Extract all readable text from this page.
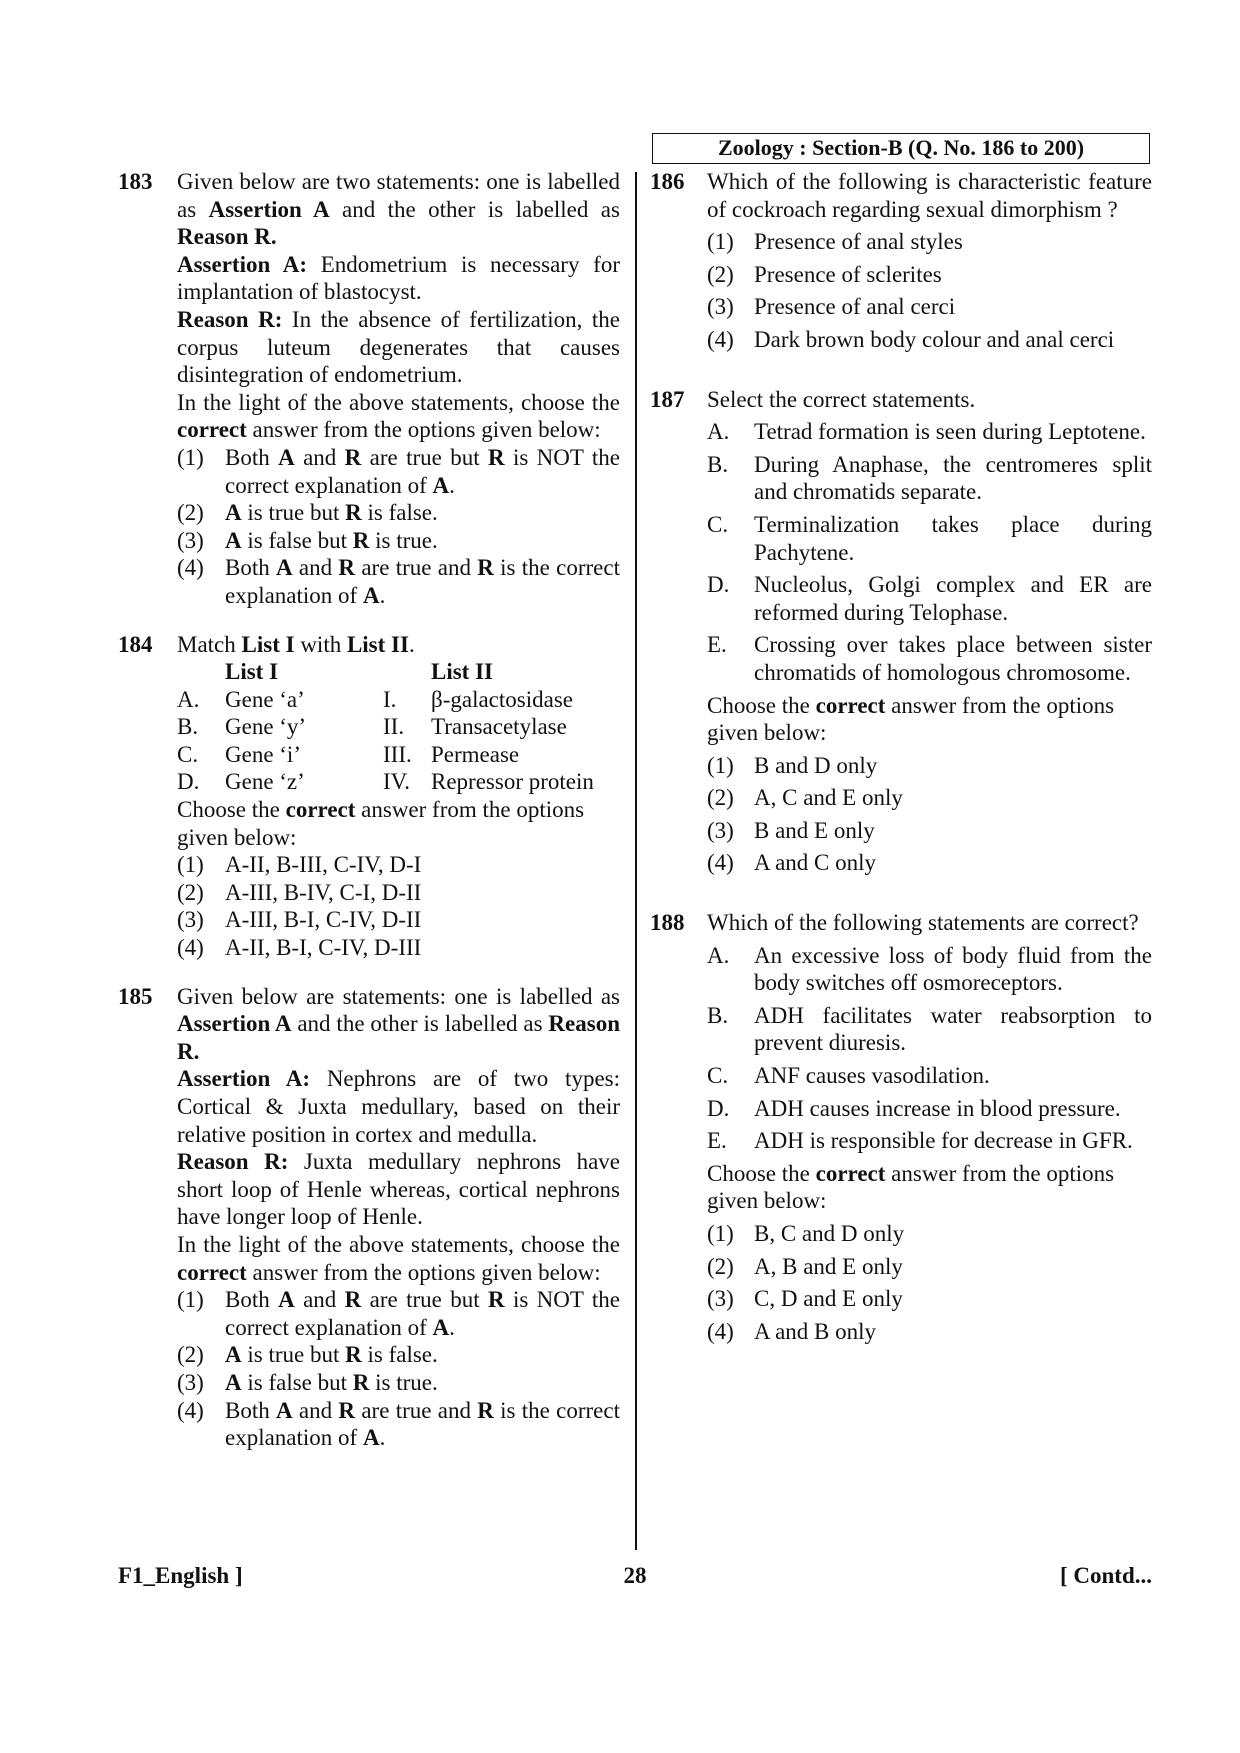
Zoology : Section-B (Q. No. 186 to 200)
183 Given below are two statements: one is labelled as Assertion A and the other is labelled as Reason R.
Assertion A: Endometrium is necessary for implantation of blastocyst.
Reason R: In the absence of fertilization, the corpus luteum degenerates that causes disintegration of endometrium.
In the light of the above statements, choose the correct answer from the options given below:
(1) Both A and R are true but R is NOT the correct explanation of A.
(2) A is true but R is false.
(3) A is false but R is true.
(4) Both A and R are true and R is the correct explanation of A.
184 Match List I with List II.
List I	List II
A.	Gene ‘a’	I.	β-galactosidase
B.	Gene ‘y’	II.	Transacetylase
C.	Gene ‘i’	III. Permease
D.	Gene ‘z’	IV. Repressor protein
Choose the correct answer from the options given below:
(1) A-II, B-III, C-IV, D-I
(2) A-III, B-IV, C-I, D-II
(3) A-III, B-I, C-IV, D-II
(4) A-II, B-I, C-IV, D-III
185 Given below are statements: one is labelled as Assertion A and the other is labelled as Reason R.
Assertion A: Nephrons are of two types: Cortical & Juxta medullary, based on their relative position in cortex and medulla.
Reason R: Juxta medullary nephrons have short loop of Henle whereas, cortical nephrons have longer loop of Henle.
In the light of the above statements, choose the correct answer from the options given below:
(1) Both A and R are true but R is NOT the correct explanation of A.
(2) A is true but R is false.
(3) A is false but R is true.
(4) Both A and R are true and R is the correct explanation of A.
186 Which of the following is characteristic feature of cockroach regarding sexual dimorphism ?
(1) Presence of anal styles
(2) Presence of sclerites
(3) Presence of anal cerci
(4) Dark brown body colour and anal cerci
187 Select the correct statements.
A.	Tetrad formation is seen during Leptotene.
B.	During Anaphase, the centromeres split and chromatids separate.
C.	Terminalization takes place during Pachytene.
D.	Nucleolus, Golgi complex and ER are reformed during Telophase.
E.	Crossing over takes place between sister chromatids of homologous chromosome.
Choose the correct answer from the options given below:
(1) B and D only
(2) A, C and E only
(3) B and E only
(4) A and C only
188 Which of the following statements are correct?
A.	An excessive loss of body fluid from the body switches off osmoreceptors.
B.	ADH facilitates water reabsorption to prevent diuresis.
C.	ANF causes vasodilation.
D.	ADH causes increase in blood pressure.
E.	ADH is responsible for decrease in GFR.
Choose the correct answer from the options given below:
(1) B, C and D only
(2) A, B and E only
(3) C, D and E only
(4) A and B only
F1_English ]	28	[ Contd...
